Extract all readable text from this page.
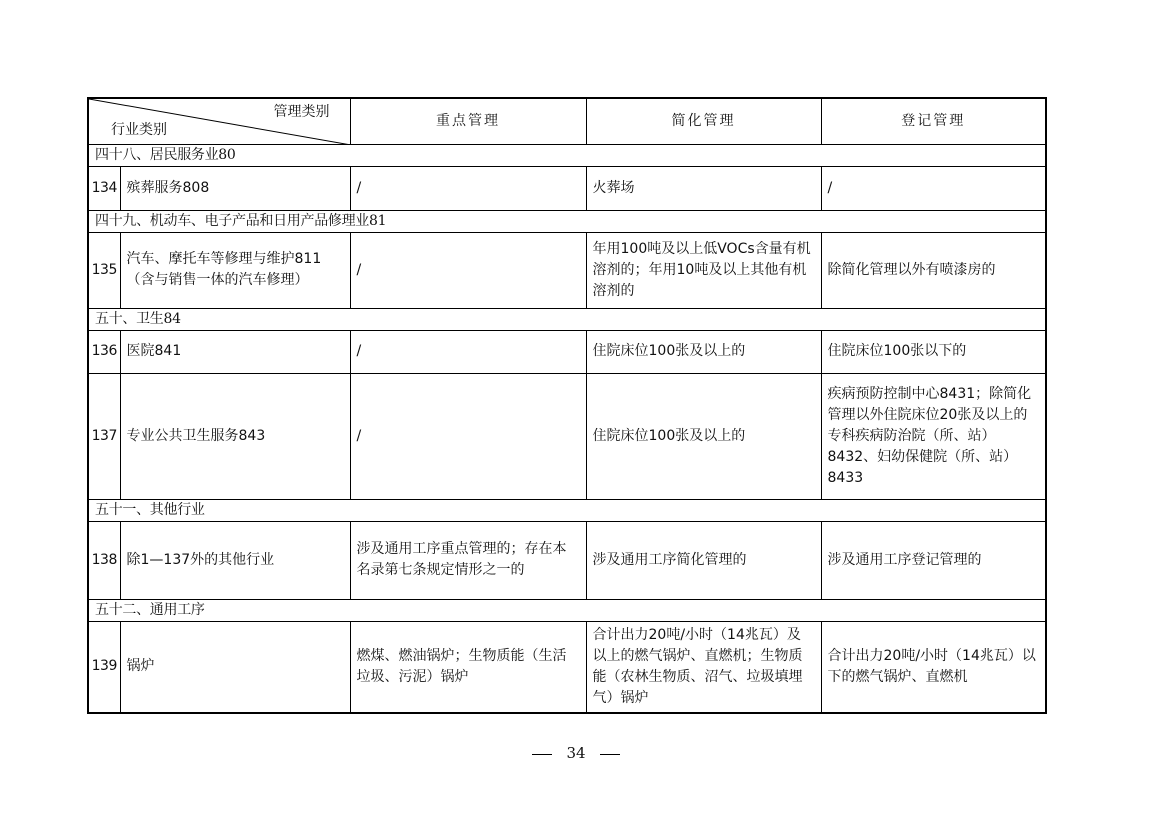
管理类别
行业类别		重点管理	简化管理	登记管理
四十八、居民服务业80				
134	殡葬服务808	/	火葬场	/
四十九、机动车、电子产品和日用产品修理业81				
135	汽车、摩托车等修理与维护811（含与销售一体的汽车修理）	/	年用100吨及以上低VOCs含量有机溶剂的；年用10吨及以上其他有机溶剂的	除简化管理以外有喷漆房的
五十、卫生84				
136	医院841	/	住院床位100张及以上的	住院床位100张以下的
137	专业公共卫生服务843	/	住院床位100张及以上的	疾病预防控制中心8431；除简化管理以外住院床位20张及以上的专科疾病防治院（所、站）8432、妇幼保健院（所、站）8433
五十一、其他行业				
138	除1—137外的其他行业	涉及通用工序重点管理的；存在本名录第七条规定情形之一的	涉及通用工序简化管理的	涉及通用工序登记管理的
五十二、通用工序				
139	锅炉	燃煤、燃油锅炉；生物质能（生活垃圾、污泥）锅炉	合计出力20吨/小时（14兆瓦）及以上的燃气锅炉、直燃机；生物质能（农林生物质、沼气、垃圾填埋气）锅炉	合计出力20吨/小时（14兆瓦）以下的燃气锅炉、直燃机
34
